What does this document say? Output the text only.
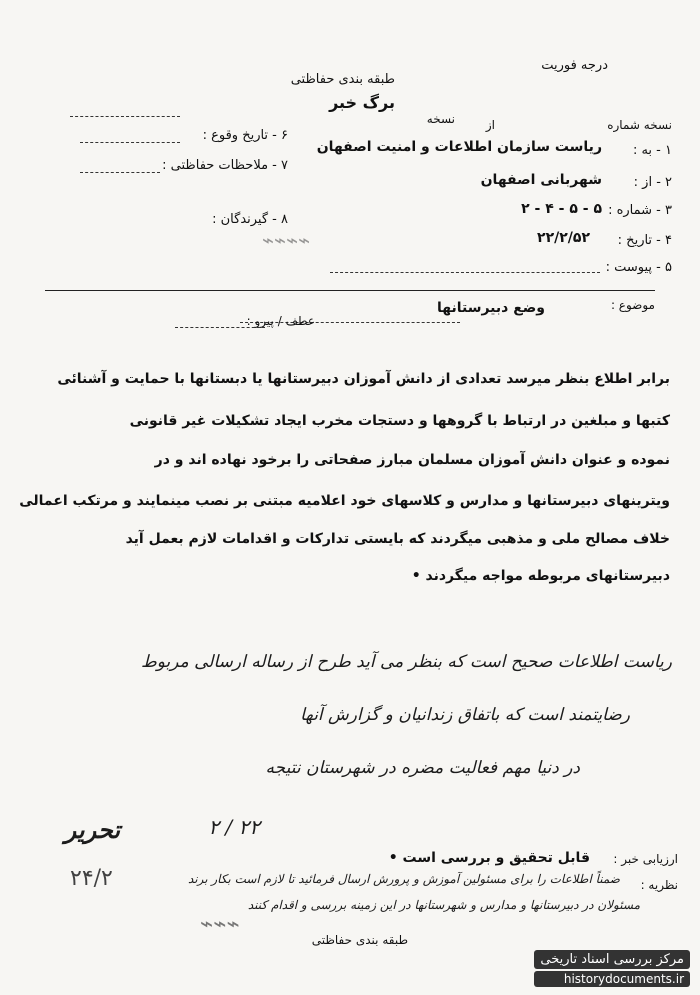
درجه فوریت
طبقه بندی حفاظتی
برگ خبر
نسخه شماره
از
نسخه
۱ - به :
ریاست سازمان اطلاعات و امنیت اصفهان
۲ - از :
شهربانی اصفهان
۳ - شماره :
۵ - ۵ - ۴ - ۲
۴ - تاریخ :
۲۲/۲/۵۲
۵ - پیوست :
۶ - تاریخ وقوع :
۷ - ملاحظات حفاظتی :
۸ - گیرندگان :
⌁⌁⌁⌁
موضوع :
وضع دبیرستانها
عطف / پیرو :
برابر اطلاع بنظر میرسد تعدادی از دانش آموزان دبیرستانها یا دبستانها با حمایت و آشنائی
کتبها و مبلغین در ارتباط با گروهها و دستجات مخرب ایجاد تشکیلات غیر قانونی
نموده و عنوان دانش آموزان مسلمان مبارز صفحاتی را برخود نهاده اند و در
ویترینهای دبیرستانها و مدارس و کلاسهای خود اعلامیه مبتنی بر نصب مینمایند و مرتکب اعمالی
خلاف مصالح ملی و مذهبی میگردند که بایستی تدارکات و اقدامات لازم بعمل آید
دبیرستانهای مربوطه مواجه میگردند •
ریاست اطلاعات صحیح است که بنظر می آید طرح از رساله ارسالی مربوط
رضایتمند است که باتفاق زندانیان و گزارش آنها
در دنیا مهم فعالیت مضره در شهرستان نتیجه
۲۲ / ۲
تحریر
ارزیابی خبر :
قابل تحقیق و بررسی است •
نظریه :
ضمناً اطلاعات را برای مسئولین آموزش و پرورش ارسال فرمائید تا لازم است بکار برند
مسئولان در دبیرستانها و مدارس و شهرستانها در این زمینه بررسی و اقدام کنند
۲۴/۲
⌁⌁⌁
طبقه بندی حفاظتی
مرکز بررسی اسناد تاریخی
historydocuments.ir
